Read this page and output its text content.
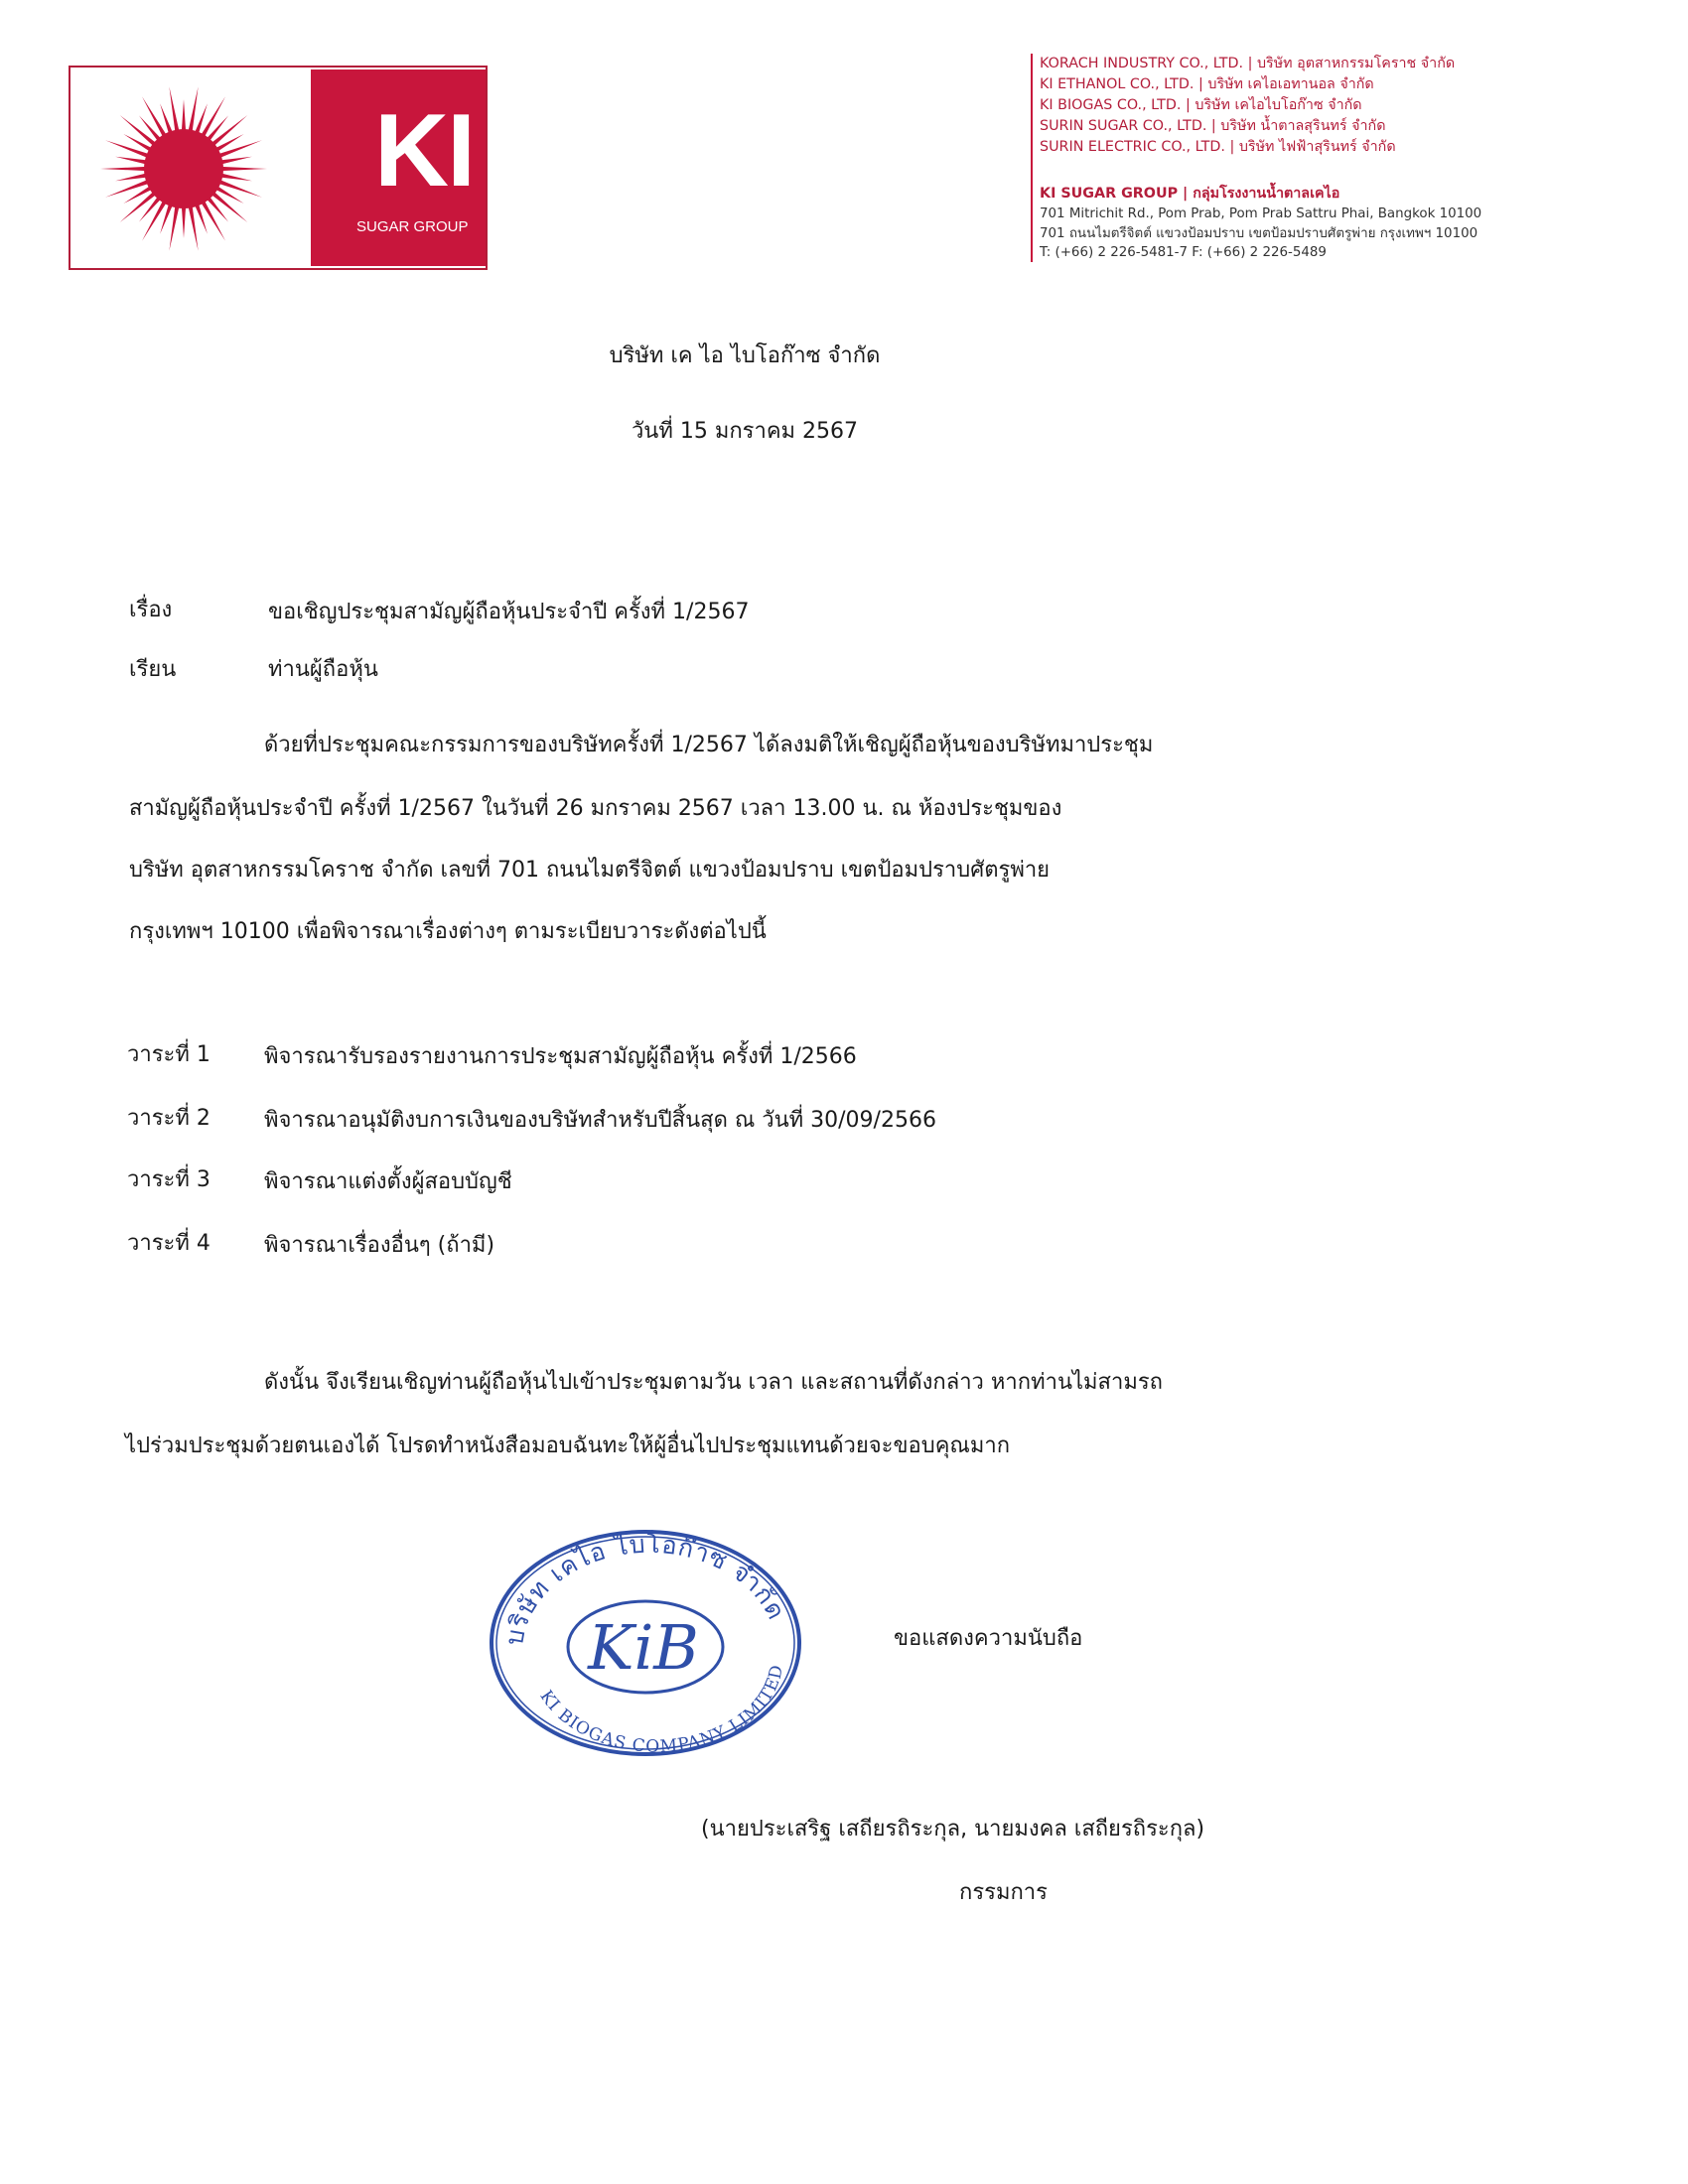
KI
SUGAR GROUP
KORACH INDUSTRY CO., LTD. | บริษัท อุตสาหกรรมโคราช จำกัด
KI ETHANOL CO., LTD. | บริษัท เคไอเอทานอล จำกัด
KI BIOGAS CO., LTD. | บริษัท เคไอไบโอก๊าซ จำกัด
SURIN SUGAR CO., LTD. | บริษัท น้ำตาลสุรินทร์ จำกัด
SURIN ELECTRIC CO., LTD. | บริษัท ไฟฟ้าสุรินทร์ จำกัด
KI SUGAR GROUP | กลุ่มโรงงานน้ำตาลเคไอ
701 Mitrichit Rd., Pom Prab, Pom Prab Sattru Phai, Bangkok 10100
701 ถนนไมตรีจิตต์ แขวงป้อมปราบ เขตป้อมปราบศัตรูพ่าย กรุงเทพฯ 10100
T: (+66) 2 226-5481-7 F: (+66) 2 226-5489
บริษัท เค ไอ ไบโอก๊าซ จำกัด
วันที่ 15 มกราคม 2567
เรื่อง	ขอเชิญประชุมสามัญผู้ถือหุ้นประจำปี ครั้งที่ 1/2567
เรียน	ท่านผู้ถือหุ้น
ด้วยที่ประชุมคณะกรรมการของบริษัทครั้งที่ 1/2567 ได้ลงมติให้เชิญผู้ถือหุ้นของบริษัทมาประชุม
สามัญผู้ถือหุ้นประจำปี ครั้งที่ 1/2567 ในวันที่ 26 มกราคม 2567 เวลา 13.00 น. ณ ห้องประชุมของ
บริษัท อุตสาหกรรมโคราช จำกัด เลขที่ 701 ถนนไมตรีจิตต์ แขวงป้อมปราบ เขตป้อมปราบศัตรูพ่าย
กรุงเทพฯ 10100 เพื่อพิจารณาเรื่องต่างๆ ตามระเบียบวาระดังต่อไปนี้
วาระที่ 1 พิจารณารับรองรายงานการประชุมสามัญผู้ถือหุ้น ครั้งที่ 1/2566
วาระที่ 2 พิจารณาอนุมัติงบการเงินของบริษัทสำหรับปีสิ้นสุด ณ วันที่ 30/09/2566
วาระที่ 3 พิจารณาแต่งตั้งผู้สอบบัญชี
วาระที่ 4 พิจารณาเรื่องอื่นๆ (ถ้ามี)
ดังนั้น จึงเรียนเชิญท่านผู้ถือหุ้นไปเข้าประชุมตามวัน เวลา และสถานที่ดังกล่าว หากท่านไม่สามรถ
ไปร่วมประชุมด้วยตนเองได้ โปรดทำหนังสือมอบฉันทะให้ผู้อื่นไปประชุมแทนด้วยจะขอบคุณมาก
บริษัท เคไอ ไบโอก๊าซ จำกัด
KI BIOGAS COMPANY LIMITED
KiB	ขอแสดงความนับถือ
(นายประเสริฐ เสถียรถิระกุล, นายมงคล เสถียรถิระกุล)
กรรมการ
